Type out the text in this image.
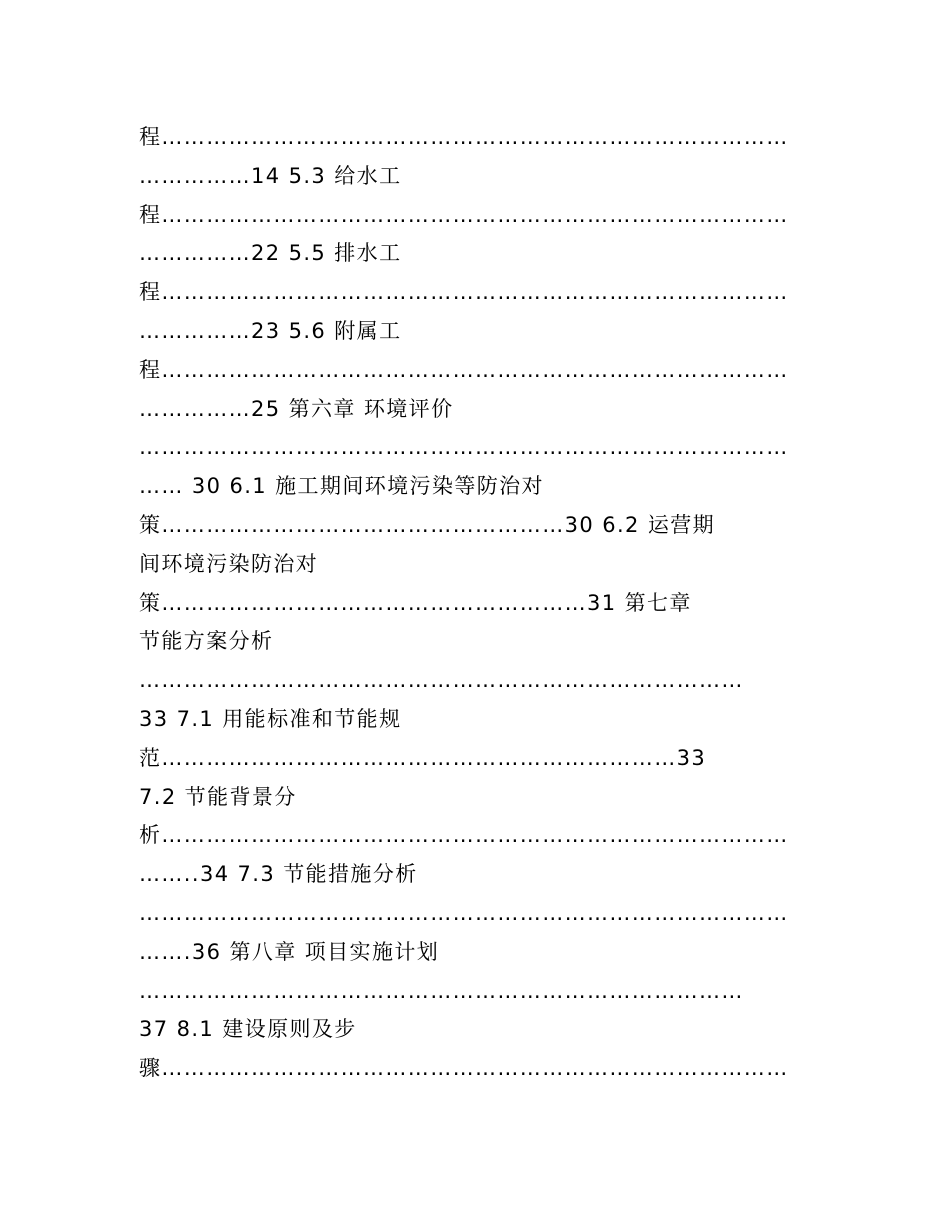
程…………………………………………………………………………
……………14 5.3 给水工
程…………………………………………………………………………
……………22 5.5 排水工
程…………………………………………………………………………
……………23 5.6 附属工
程…………………………………………………………………………
……………25 第六章 环境评价
……………………………………………………………………………
…… 30 6.1 施工期间环境污染等防治对
策………………………………………………30 6.2 运营期
间环境污染防治对
策…………………………………………………31 第七章
节能方案分析
………………………………………………………………………
33 7.1 用能标准和节能规
范……………………………………………………………33
7.2 节能背景分
析…………………………………………………………………………
……..34 7.3 节能措施分析
……………………………………………………………………………
…….36 第八章 项目实施计划
………………………………………………………………………
37 8.1 建设原则及步
骤…………………………………………………………………………
